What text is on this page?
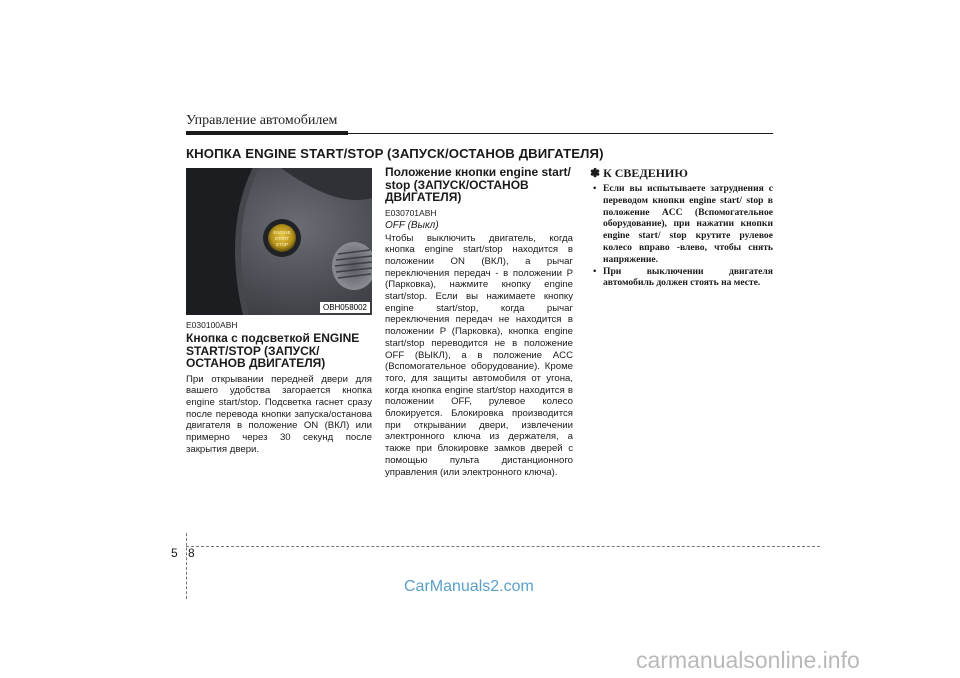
Управление автомобилем
КНОПКА ENGINE START/STOP (ЗАПУСК/ОСТАНОВ ДВИГАТЕЛЯ)
ENGINE
START
STOP
OBH058002

E030100ABH

Кнопка с подсветкой ENGINE START/STOP (ЗАПУСК/ОСТАНОВ ДВИГАТЕЛЯ)

При открывании передней двери для вашего удобства загорается кнопка engine start/stop. Подсветка гаснет сразу после перевода кнопки запуска/останова двигателя в положение ON (ВКЛ) или примерно через 30 секунд после закрытия двери.

Положение кнопки engine start/ stop (ЗАПУСК/ОСТАНОВ ДВИГАТЕЛЯ)

E030701ABH

OFF (Выкл)

Чтобы выключить двигатель, когда кнопка engine start/stop находится в положении ON (ВКЛ), а рычаг переключения передач - в положении P (Парковка), нажмите кнопку engine start/stop. Если вы нажимаете кнопку engine start/stop, когда рычаг переключения передач не находится в положении P (Парковка), кнопка engine start/stop переводится не в положение OFF (ВЫКЛ), а в положение ACC (Вспомогательное оборудование). Кроме того, для защиты автомобиля от угона, когда кнопка engine start/stop находится в положении OFF, рулевое колесо блокируется. Блокировка производится при открывании двери, извлечении электронного ключа из держателя, а также при блокировке замков дверей с помощью пульта дистанционного управления (или электронного ключа).

✽ К СВЕДЕНИЮ

• Если вы испытываете затруднения с переводом кнопки engine start/ stop в положение ACC (Вспомогательное оборудование), при нажатии кнопки engine start/ stop крутите рулевое колесо вправо -влево, чтобы снять напряжение.
• При выключении двигателя автомобиль должен стоять на месте.
5 8
CarManuals2.com
carmanualsonline.info
